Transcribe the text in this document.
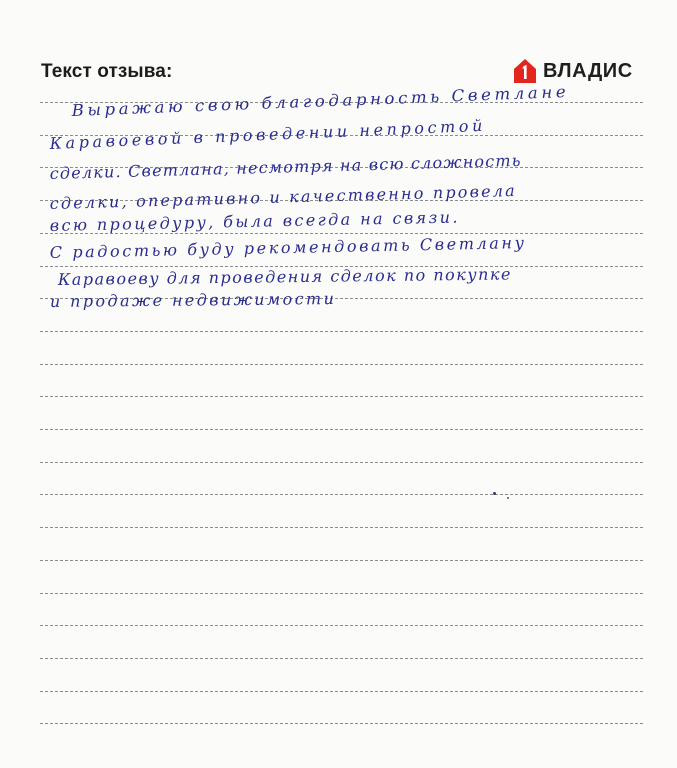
Текст отзыва:	ВЛАДИС
Выражаю свою благодарность Светлане
Каравоевой в проведении непростой
сделки. Светлана, несмотря на всю сложность
сделки, оперативно и качественно провела
всю процедуру, была всегда на связи.
С радостью буду рекомендовать Светлану
Каравоеву для проведения сделок по покупке
и продаже недвижимости
